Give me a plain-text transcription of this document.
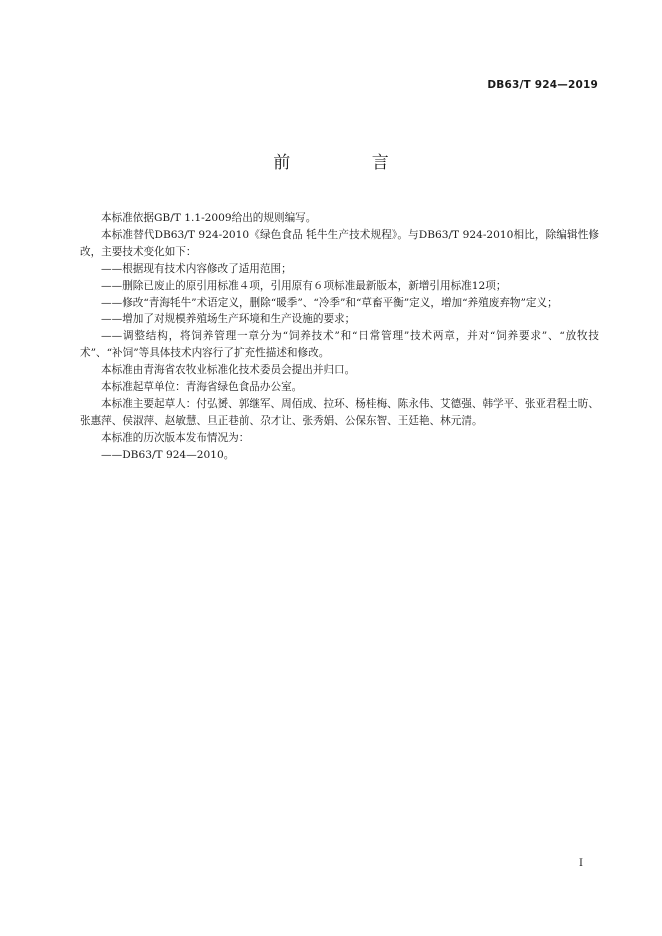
DB63/T 924—2019
前 言

本标准依据GB/T 1.1-2009给出的规则编写。

本标准替代DB63/T 924-2010《绿色食品 牦牛生产技术规程》。与DB63/T 924-2010相比，除编辑性修改，主要技术变化如下：

——根据现有技术内容修改了适用范围；

——删除已废止的原引用标准４项，引用原有６项标准最新版本，新增引用标准12项；

——修改“青海牦牛”术语定义，删除“暖季”、“冷季”和“草畜平衡”定义，增加“养殖废弃物”定义；

——增加了对规模养殖场生产环境和生产设施的要求；

——调整结构，将饲养管理一章分为“饲养技术”和“日常管理”技术两章，并对“饲养要求”、“放牧技术”、“补饲”等具体技术内容行了扩充性描述和修改。

本标准由青海省农牧业标准化技术委员会提出并归口。

本标准起草单位：青海省绿色食品办公室。

本标准主要起草人：付弘赟、郭继军、周佰成、拉环、杨桂梅、陈永伟、艾德强、韩学平、张亚君程士昉、张惠萍、侯淑萍、赵敏慧、旦正巷前、尕才让、张秀娟、公保东智、王廷艳、林元清。

本标准的历次版本发布情况为：

——DB63/T 924—2010。

I
